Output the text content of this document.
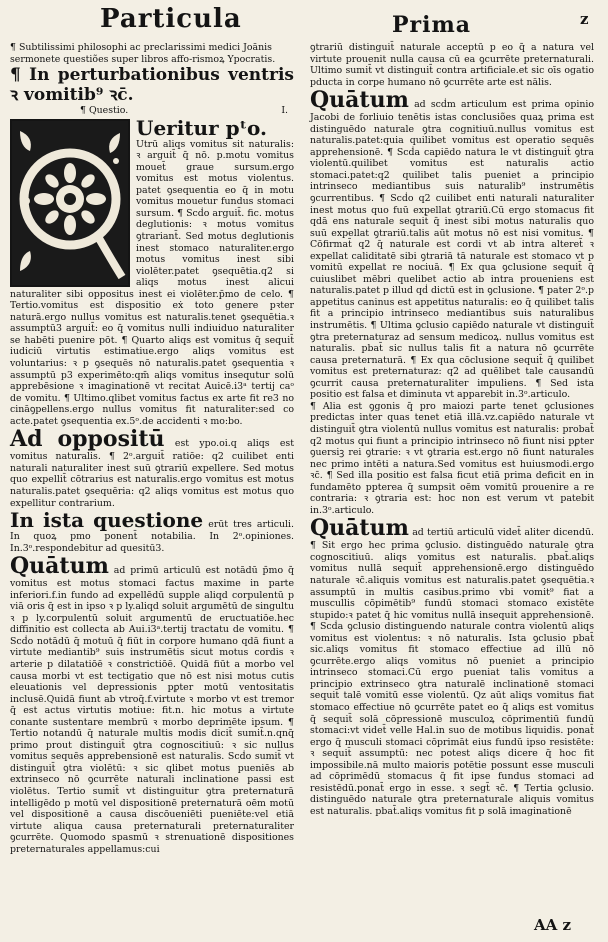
Particula	Prima	z

¶ Subtilissimi philosophi ac preclarissimi medici Joānis sermonete questiões super libros affo-rismoꝝ Ypocratis.

¶ In perturbationibus ventris ꝛ vomitib⁹ ꝛc̄.

¶ Questio.	I.

Ueritur pᵗo.

Utrū aliqs vomitus sit naturalis: ꝛ arguit̄ q̄ nō. p.motu vomitus mouet̄ graue sursum.ergo vomitus est motus violentus. patet ꝯsequentia eo q̄ in motu vomitus mouetur fundus stomaci sursum. ¶ Scḋo arguit̄. fic. motus deglutionis: ꝛ motus vomitus ꝯtrariant̄. Sed motus deglutionis inest stomaco naturaliter.ergo motus vomitus inest sibi violēter.patet ꝯsequētia.q2 si aliqs motus inest alicui naturaliter sibi oppositus inest ei violēter.p̄mo de celo. ¶ Tertio.vomitus est dispositio eẋ toto genere pꝛter naturā.ergo nullus vomitus est naturalis.tenet ꝯsequētia.ꝛ assumptū3 arguit̄: eo q̄ vomitus nulli indiuiduo naturaliter se habēti puenire pōt. ¶ Quarto aliqs est vomitus q̄ sequit̄ iudiciū virtutis estimatiue.ergo aliqs vomitus est voluntarius: ꝛ p ꝯsequēs nō naturalis.patet ꝯsequentia ꝛ assumptū p3 experimēto:qm̄ aliqs vomitus insequtur solū apprebēsione ꝛ imaginationē vt recitat Auicē.i3ᵃ tertij caᵒ de vomitu. ¶ Ultimo.qlibet vomitus factus ex arte fit re3 no cināꝯpellens.ergo nullus vomitus fit naturaliter:sed co acte.patet ꝯsequentia ex.5ᵒ.de accidenti ꝛ mo:bo.

Ad oppositū est ypo.oi.q aliqs est vomitus naturalis. ¶ 2ᵒ.arguit̄ ratiōe: q2 cuilibet enti naturali naturaliter inest suū ꝯtrariū expellere. Sed motus quo expellit̄ cōtrarius est naturalis.ergo vomitus est motus naturalis.patet ꝯsequēria: q2 aliqs vomitus est motus quo expellitur contrarium.

In ista questione erūt tres articuli. In quoꝝ pmo ponent̄ notabilia. In 2ᵒ.opiniones. In.3ᵒ.respondebitur ad quesitū3.

Quātum ad primū articulū est notādū p̄mo q̄ vomitus est motus stomaci factus maxime in parte inferiori.f.in fundo ad expellēdū supple aliqd corpulentū p viā oris q̄ est in ipso ꝛ p ly.aliqd soluit argumētū de singultu ꝛ p ly.corpulentū soluit argumentū de eructuatiōe.hec diffinitio est collecta ab Aui.i3ᵃ.tertij tractatu de vomitu. ¶ Scḋo notādū q̄ motuū q̄ fiūt in corpore humano qdā fiunt a virtute mediantib⁹ suis instrumētis sicut motus cordis ꝛ arterie p dilatatiōē ꝛ constrictiōē. Quidā fiūt a morbo vel causa morbi vt est tectigatio que nō est nisi motus cutis eleuationis vel depressionis pꝑter motū ventositatis inclusē.Quidā fiunt ab vtroq̄.f.virtute ꝛ morbo vt est tremor q̄ est actus virtutis motiue: fit.n. hic motus a virtute conante sustentare membrū ꝛ morbo deprimēte ipsum. ¶ Tertio notandū q̄ naturale multis modis dicit̄ sumit̄.n.qnq̄ primo prout distinguit̄ ꝯtra cognoscitiuū: ꝛ sic nullus vomitus sequēs apprebensionē est naturalis. Scḋo sumit̄ vt distinguit̄ ꝯtra violētū: ꝛ sic qlibet motus pueniēs ab extrinseco nō ꝯcurrēte naturali inclinatione passi est violētus. Tertio sumit̄ vt distinguitur ꝯtra preternaturā intelligēdo p motū vel dispositionē preternaturā oēm motū vel dispositionē a causa discōueniēti pueniēte:vel etiā virtute aliqua causa preternaturali preternaturaliter ꝯcurrēte. Quomodo spasmū ꝛ strenuationē dispositiones preternaturales appellamus:cui

ꝯtrariū distinguit̄ naturale acceptū p eo q̄ a natura vel virtute prouenit nulla causa cū ea ꝯcurrēte preternaturali. Ultimo sumit̄ vt distinguit̄ contra artificiale.et sic oīs ogatio pducta in corpe humano nō ꝯcurrēte arte est nālis.

Quātum ad scḋm articulum est prima opinio Jacobi de forliuio tenētis istas conclusiões quaꝝ prima est distinguēdo naturale ꝯtra cognitiuū.nullus vomitus est naturalis.patet:quia quilibet vomitus est operatio sequēs apprehensionē. ¶ Scḋa capiēdo natura le vt distinguit̄ ꝯtra violentū.quilibet vomitus est naturalis actio stomaci.patet:q2 quilibet talis pueniet a principio intrinseco mediantibus suis naturalib⁹ instrumētis ꝯcurrentibus. ¶ Scḋo q2 cuilibet enti naturali naturaliter inest motus quo fuū expellat ꝯtrariū.Cū ergo stomacus fit qdā ens naturale sequit̄ q̄ inest sibi motus naturalis quo suū expellat ꝯtrariū.talis aūt motus nō est nisi vomitus. ¶ Cōfirmat̄ q2 q̄ naturale est cordi vt ab intra alteret̄ ꝛ expellat caliditatē sibi ꝯtrariā tā naturale est stomaco vt p vomitū expellat re nociuā. ¶ Ex qua ꝯclusione sequit̄ q̄ cuiuslibet mēbri quelibet actio ab intra proueniens est naturalis.patet p illud qḋ dictū est in ꝯclusione. ¶ pater 2ᵒ.p appetitus caninus est appetitus naturalis: eo q̄ quilibet talis fit a principio intrinseco mediantibus suis naturalibus instrumētis. ¶ Ultima ꝯclusio capiēdo naturale vt distinguit̄ ꝯtra preternaturaz ad sensum medicoꝝ. nullus vomitus est naturalis. pbat̄ sic nullus talis fit a natura nō ꝯcurrēte causa preternaturā. ¶ Ex qua cōclusione sequit̄ q̄ quilibet vomitus est preternaturaz: q2 ad quēlibet tale causandū ꝯcurrit causa preternaturaliter impuliens. ¶ Sed ista positio est falsa et diminuta vt apparebit in.3ᵒ.articulo.

¶ Alia est ꝯgonis q̄ pro maiozi parte tenet ꝯclusiones predictas inter quas tenet etiā illā.vz.capiēdo naturale vt distinguit̄ ꝯtra violentū nullus vomitus est naturalis: probat̄ q2 motus qui fiunt a principio intrinseco nō fiunt nisi pꝑter ꝯuersiꝫ rei ꝯtrarie: ꝛ vt ꝯtraria est.ergo nō fiunt naturales nec primo intēti a natura.Sed vomitus est huiusmodi.ergo ꝛc̄. ¶ Sed illa positio est falsa ficut etiā prima deficit en in fundamēto ppterea q̄ sumpsit oēm vomitū prouenire a re contraria: ꝛ ꝯtraria est: hoc non est verum vt patebit in.3ᵒ.articulo.

Quātum ad tertiū articulū videt̄ aliter dicendū. ¶ Sit ergo hec prima ꝯclusio. distinguēdo naturale ꝯtra cognoscitiuū. aliqs vomitus est naturalis. pbat̄.aliqs vomitus nullā sequit̄ apprehensionē.ergo distinguēdo naturale ꝛc̄.aliquis vomitus est naturalis.patet ꝯsequētia.ꝛ assumptū in multis casibus.primo vbi vomit⁹ fiat a muscullis cōpimētib⁹ fundū stomaci stomaco existēte stupido:ꝛ patet q̄ hic vomitus nullā insequit apprehensionē. ¶ Scḋa ꝯclusio distinguendo naturale contra violentū aliqs vomitus est violentus: ꝛ nō naturalis. Ista ꝯclusio pbat̄ sic.aliqs vomitus fit stomaco effectiue ad illū nō ꝯcurrēte.ergo aliqs vomitus nō pueniet a principio intrinseco stomaci.Cū ergo pueniat talis vomitus a principio extrinseco ꝯtra naturalē inclinationē stomaci sequit̄ talē vomitū esse violentū. Qz aūt aliqs vomitus fiat stomaco effectiue nō ꝯcurrēte patet eo q̄ aliqs est vomitus q̄ sequit̄ solā cōpressionē musculoꝝ cōprimentiū fundū stomaci:vt videt̄ velle Hal.in suo de motibus liquidis. ponat̄ ergo q̄ musculi stomaci cōprimāt eius fundū ipso resistēte: ꝛ sequit̄ assumptū: nec potest aliqs dicere q̄ hoc fit impossibile.nā multo maioris potētie possunt esse musculi ad cōprimēdū stomacus q̄ fit ipse fundus stomaci ad resistēdū.ponat̄ ergo in esse. ꝛ segt̄ ꝛc̄. ¶ Tertia ꝯclusio. distinguēdo naturale ꝯtra preternaturale aliquis vomitus est naturalis. pbat̄.aliqs vomitus fit p solā imaginationē

AA z
